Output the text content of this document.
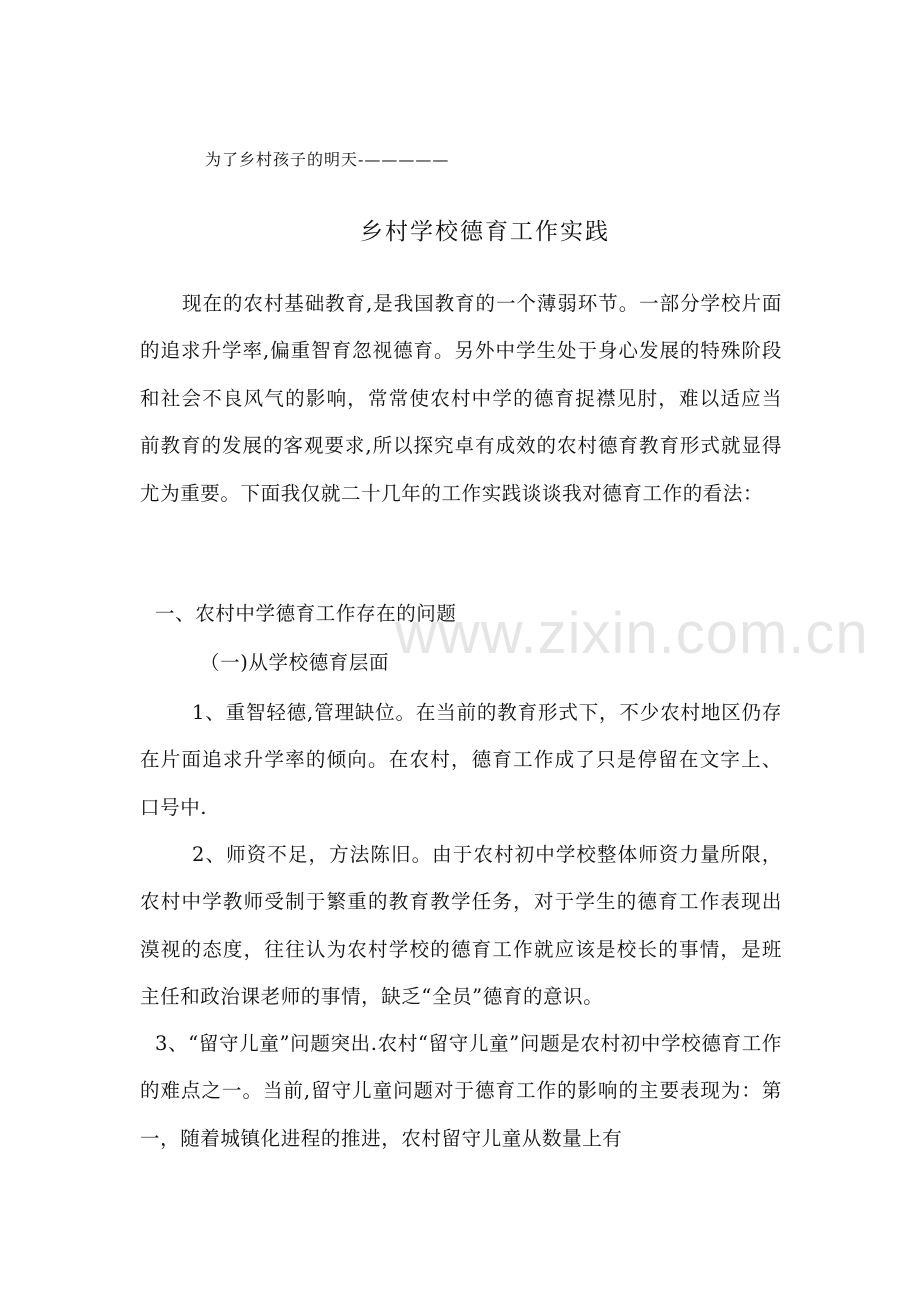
www.zixin.com.cn
为了乡村孩子的明天-—————
乡村学校德育工作实践
现在的农村基础教育,是我国教育的一个薄弱环节。一部分学校片面的追求升学率,偏重智育忽视德育。另外中学生处于身心发展的特殊阶段和社会不良风气的影响，常常使农村中学的德育捉襟见肘，难以适应当前教育的发展的客观要求,所以探究卓有成效的农村德育教育形式就显得尤为重要。下面我仅就二十几年的工作实践谈谈我对德育工作的看法：
一、农村中学德育工作存在的问题
（一)从学校德育层面
1、重智轻德,管理缺位。在当前的教育形式下，不少农村地区仍存在片面追求升学率的倾向。在农村，德育工作成了只是停留在文字上、口号中.
2、师资不足，方法陈旧。由于农村初中学校整体师资力量所限，农村中学教师受制于繁重的教育教学任务，对于学生的德育工作表现出漠视的态度，往往认为农村学校的德育工作就应该是校长的事情，是班主任和政治课老师的事情，缺乏“全员”德育的意识。
3、“留守儿童”问题突出.农村“留守儿童”问题是农村初中学校德育工作的难点之一。当前,留守儿童问题对于德育工作的影响的主要表现为：第一，随着城镇化进程的推进，农村留守儿童从数量上有
